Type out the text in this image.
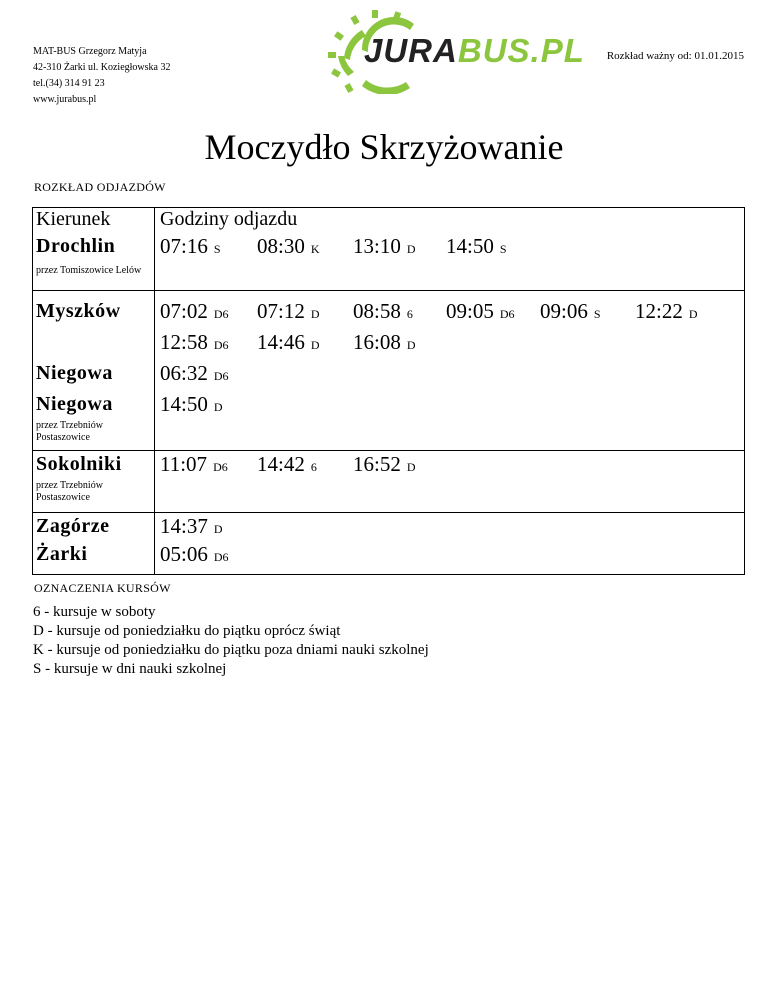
MAT-BUS Grzegorz Matyja
42-310 Żarki ul. Koziegłowska 32
tel.(34) 314 91 23
www.jurabus.pl
JURABUS.PL Rozkład ważny od: 01.01.2015
Moczydło Skrzyżowanie
ROZKŁAD ODJAZDÓW
Kierunek Godziny odjazdu
Drochlin
przez Tomiszowice Lelów
07:16 S 08:30 K 13:10 D 14:50 S
Myszków 07:02 D6 07:12 D 08:58 6 09:05 D6 09:06 S 12:22 D
12:58 D6 14:46 D 16:08 D
Niegowa 06:32 D6
Niegowa
przez Trzebniów Postaszowice
14:50 D
Sokolniki
przez Trzebniów Postaszowice
11:07 D6 14:42 6 16:52 D
Zagórze 14:37 D
Żarki	05:06 D6
OZNACZENIA KURSÓW
6 - kursuje w soboty
D - kursuje od poniedziałku do piątku oprócz świąt
K - kursuje od poniedziałku do piątku poza dniami nauki szkolnej
S - kursuje w dni nauki szkolnej
